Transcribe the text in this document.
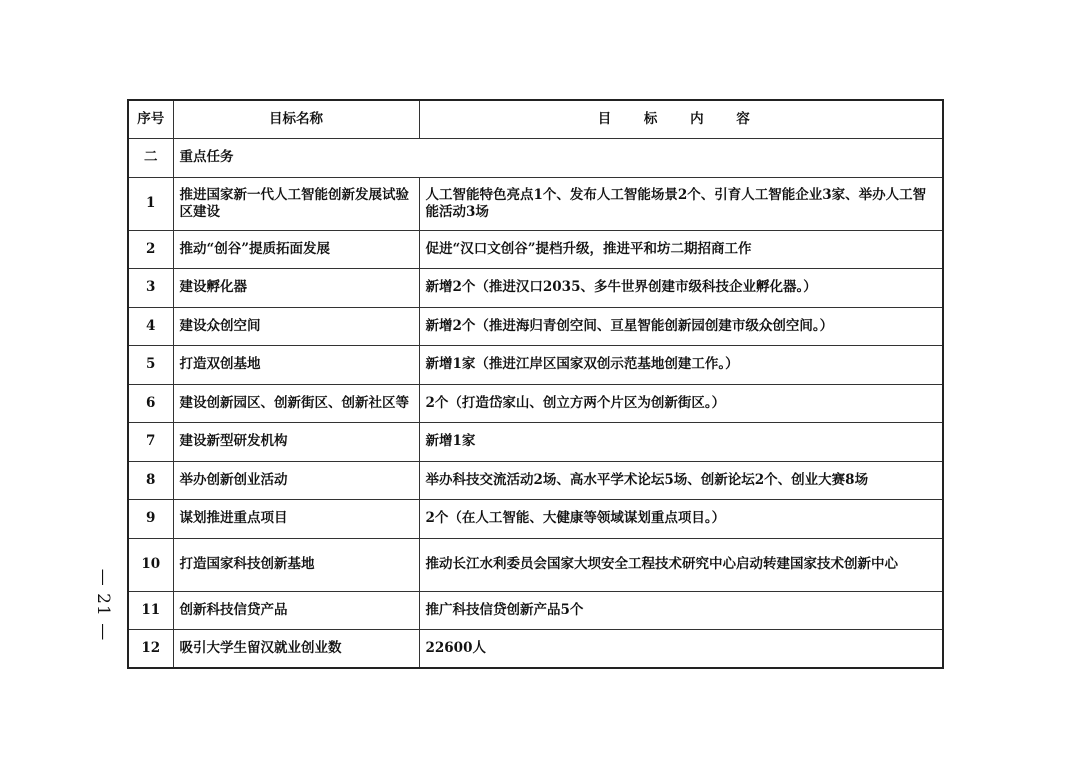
— 21 —
序号	目标名称	目 标 内 容
二	重点任务	
1	推进国家新一代人工智能创新发展试验区建设	人工智能特色亮点1个、发布人工智能场景2个、引育人工智能企业3家、举办人工智能活动3场
2	推动“创谷”提质拓面发展	促进“汉口文创谷”提档升级，推进平和坊二期招商工作
3	建设孵化器	新增2个（推进汉口2035、多牛世界创建市级科技企业孵化器。）
4	建设众创空间	新增2个（推进海归青创空间、亘星智能创新园创建市级众创空间。）
5	打造双创基地	新增1家（推进江岸区国家双创示范基地创建工作。）
6	建设创新园区、创新街区、创新社区等	2个（打造岱家山、创立方两个片区为创新街区。）
7	建设新型研发机构	新增1家
8	举办创新创业活动	举办科技交流活动2场、高水平学术论坛5场、创新论坛2个、创业大赛8场
9	谋划推进重点项目	2个（在人工智能、大健康等领域谋划重点项目。）
10	打造国家科技创新基地	推动长江水利委员会国家大坝安全工程技术研究中心启动转建国家技术创新中心
11	创新科技信贷产品	推广科技信贷创新产品5个
12	吸引大学生留汉就业创业数	22600人
